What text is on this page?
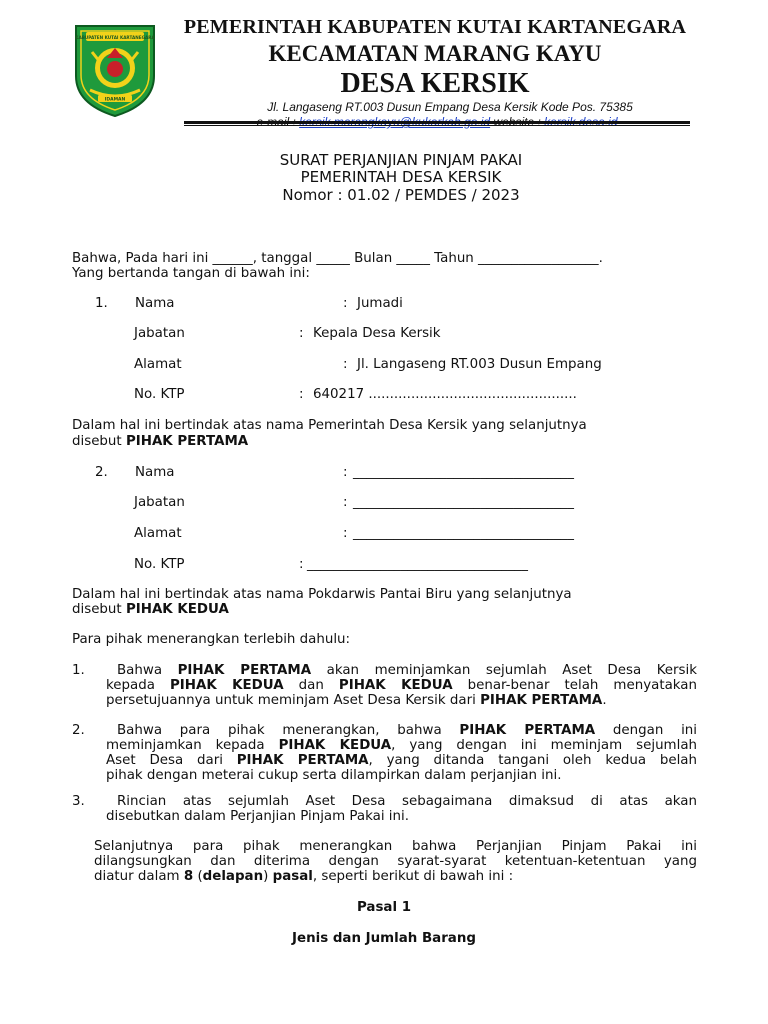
KABUPATEN KUTAI KARTANEGARA
IDAMAN
PEMERINTAH KABUPATEN KUTAI KARTANEGARA
KECAMATAN MARANG KAYU
DESA KERSIK
Jl. Langaseng RT.003 Dusun Empang Desa Kersik Kode Pos. 75385
SURAT PERJANJIAN PINJAM PAKAI
PEMERINTAH DESA KERSIK
Nomor : 01.02 / PEMDES / 2023
Bahwa, Pada hari ini ______, tanggal _____ Bulan _____ Tahun __________________.
Yang bertanda tangan di bawah ini:
1. Nama	: Jumadi
Jabatan	: Kepala Desa Kersik
Alamat	: Jl. Langaseng RT.003 Dusun Empang
No. KTP	: 640217 .................................................
Dalam hal ini bertindak atas nama Pemerintah Desa Kersik yang selanjutnya
disebut PIHAK PERTAMA
2. Nama	: _________________________________
Jabatan	: _________________________________
Alamat	: _________________________________
No. KTP	: _________________________________
Dalam hal ini bertindak atas nama Pokdarwis Pantai Biru yang selanjutnya
disebut PIHAK KEDUA
Para pihak menerangkan terlebih dahulu:
1.	Bahwa PIHAK PERTAMA akan meminjamkan sejumlah Aset Desa Kersik
kepada PIHAK KEDUA dan PIHAK KEDUA benar-benar telah menyatakan
persetujuannya untuk meminjam Aset Desa Kersik dari PIHAK PERTAMA.
2.	Bahwa para pihak menerangkan, bahwa PIHAK PERTAMA dengan ini
meminjamkan kepada PIHAK KEDUA, yang dengan ini meminjam sejumlah
Aset Desa dari PIHAK PERTAMA, yang ditanda tangani oleh kedua belah
pihak dengan meterai cukup serta dilampirkan dalam perjanjian ini.
3.	Rincian atas sejumlah Aset Desa sebagaimana dimaksud di atas akan
disebutkan dalam Perjanjian Pinjam Pakai ini.
Selanjutnya para pihak menerangkan bahwa Perjanjian Pinjam Pakai ini
dilangsungkan dan diterima dengan syarat-syarat ketentuan-ketentuan yang
diatur dalam 8 (delapan) pasal, seperti berikut di bawah ini :
Pasal 1
Jenis dan Jumlah Barang
